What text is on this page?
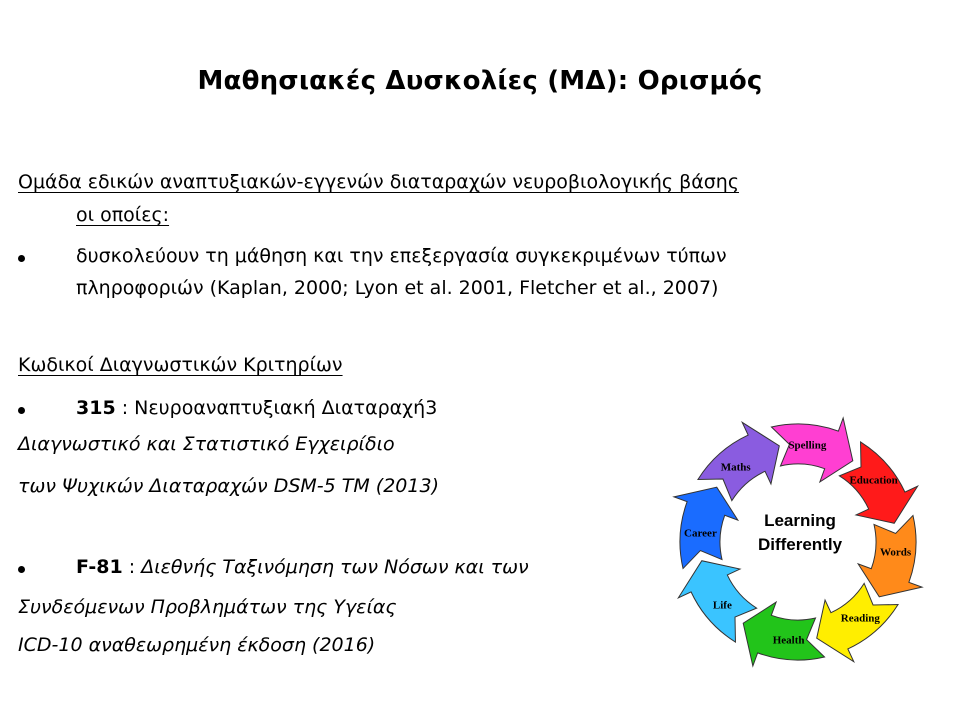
Μαθησιακές Δυσκολίες (ΜΔ): Ορισμός
Ομάδα εδικών αναπτυξιακών-εγγενών διαταραχών νευροβιολογικής βάσης
οι οποίες:
δυσκολεύουν τη μάθηση και την επεξεργασία συγκεκριμένων τύπων
πληροφοριών (Kaplan, 2000; Lyon et al. 2001, Fletcher et al., 2007)
Κωδικοί Διαγνωστικών Κριτηρίων
315 : Νευροαναπτυξιακή Διαταραχή3
Διαγνωστικό και Στατιστικό Εγχειρίδιο
των Ψυχικών Διαταραχών DSM-5 TM (2013)
F-81 : Διεθνής Ταξινόμηση των Νόσων και των
Συνδεόμενων Προβλημάτων της Υγείας
ICD-10 αναθεωρημένη έκδοση (2016)
Education
Words
Reading
Health
Life
Career
Maths
Spelling
Learning
Differently
